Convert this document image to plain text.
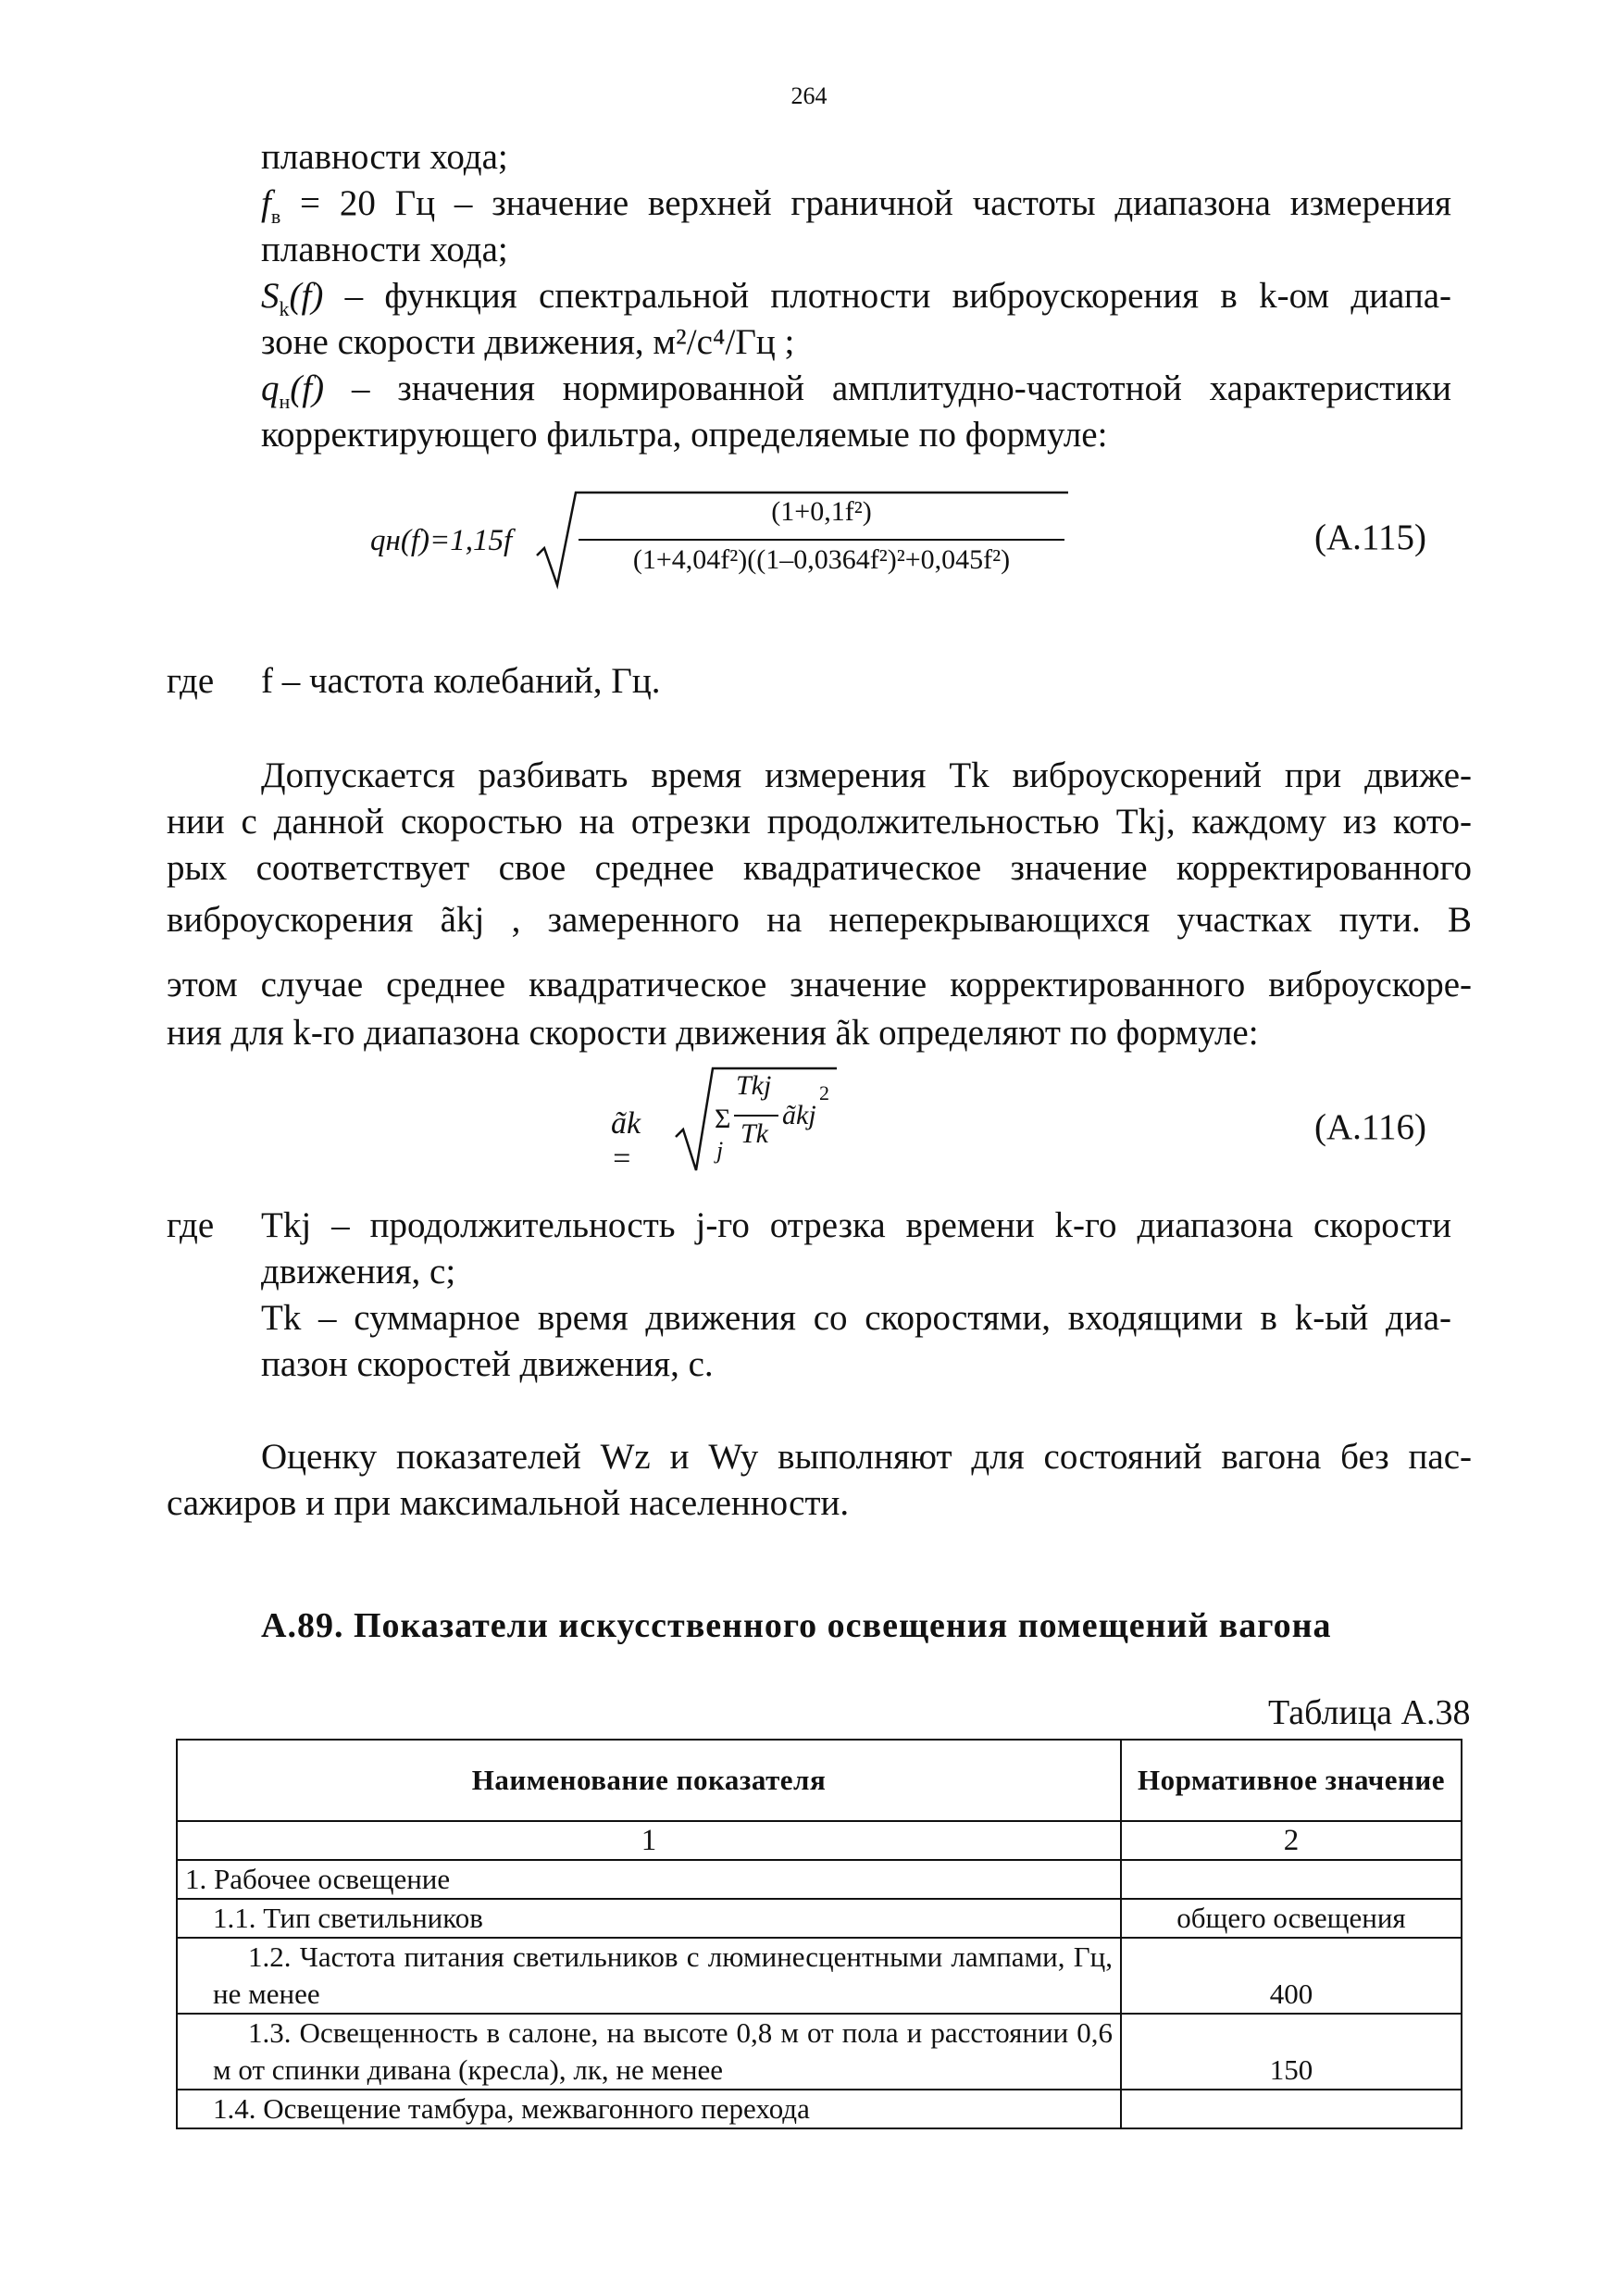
264
плавности хода;
$f_в = 20$ Гц – значение верхней граничной частоты диапазона измерения
плавности хода;
$S_k(f)$ – функция спектральной плотности виброускорения в k-ом диапа-
зоне скорости движения, м²/с⁴/Гц ;
$q_н(f)$ – значения нормированной амплитудно-частотной характеристики
корректирующего фильтра, определяемые по формуле:
qн(f)=1,15f
(1+0,1f²)
(1+4,04f²)((1–0,0364f²)²+0,045f²)
(A.115)
где f – частота колебаний, Гц.
Допускается разбивать время измерения Tk виброускорений при движе-
нии с данной скоростью на отрезки продолжительностью Tkj, каждому из кото-
рых соответствует свое среднее квадратическое значение корректированного
виброускорения ãkj , замеренного на неперекрывающихся участках пути. В
этом случае среднее квадратическое значение корректированного виброускоре-
ния для k-го диапазона скорости движения ãk определяют по формуле:
ãk =
Σ
j
Tkj
Tk
ãkj
2
(A.116)
где Tkj – продолжительность j-го отрезка времени k-го диапазона скорости
движения, с;
Tk – суммарное время движения со скоростями, входящими в k-ый диа-
пазон скоростей движения, с.
Оценку показателей Wz и Wy выполняют для состояний вагона без пас-
сажиров и при максимальной населенности.
А.89. Показатели искусственного освещения помещений вагона
Таблица А.38
Наименование показателя	Нормативное значение
1	2
1. Рабочее освещение	
1.1. Тип светильников	общего освещения
1.2. Частота питания светильников с люминесцентными лампами, Гц, не менее	400
1.3. Освещенность в салоне, на высоте 0,8 м от пола и расстоянии 0,6 м от спинки дивана (кресла), лк, не менее	150
1.4. Освещение тамбура, межвагонного перехода	
